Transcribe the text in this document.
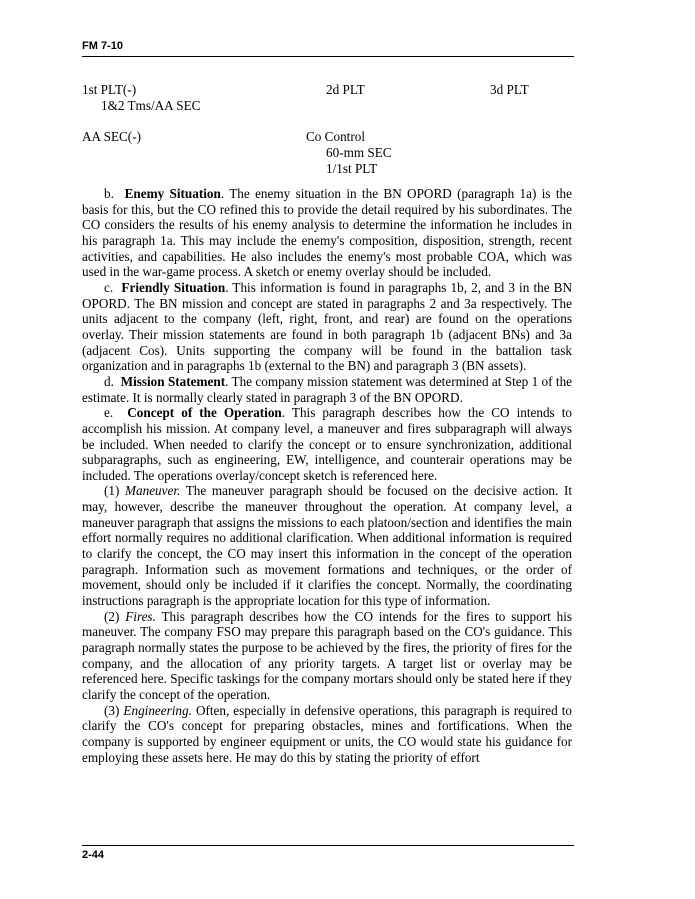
FM 7-10
1st PLT(-)
1&2 Tms/AA SEC
2d PLT	3d PLT
AA SEC(-)	Co Control
60-mm SEC
1/1st PLT

b. Enemy Situation. The enemy situation in the BN OPORD (paragraph 1a) is the basis for this, but the CO refined this to provide the detail required by his subordinates. The CO considers the results of his enemy analysis to determine the information he includes in his paragraph 1a. This may include the enemy's composition, disposition, strength, recent activities, and capabilities. He also includes the enemy's most probable COA, which was used in the war-game process. A sketch or enemy overlay should be included.

c. Friendly Situation. This information is found in paragraphs 1b, 2, and 3 in the BN OPORD. The BN mission and concept are stated in paragraphs 2 and 3a respectively. The units adjacent to the company (left, right, front, and rear) are found on the operations overlay. Their mission statements are found in both paragraph 1b (adjacent BNs) and 3a (adjacent Cos). Units supporting the company will be found in the battalion task organization and in paragraphs 1b (external to the BN) and paragraph 3 (BN assets).

d. Mission Statement. The company mission statement was determined at Step 1 of the estimate. It is normally clearly stated in paragraph 3 of the BN OPORD.

e. Concept of the Operation. This paragraph describes how the CO intends to accomplish his mission. At company level, a maneuver and fires subparagraph will always be included. When needed to clarify the concept or to ensure synchronization, additional subparagraphs, such as engineering, EW, intelligence, and counterair operations may be included. The operations overlay/concept sketch is referenced here.

(1) Maneuver. The maneuver paragraph should be focused on the decisive action. It may, however, describe the maneuver throughout the operation. At company level, a maneuver paragraph that assigns the missions to each platoon/section and identifies the main effort normally requires no additional clarification. When additional information is required to clarify the concept, the CO may insert this information in the concept of the operation paragraph. Information such as movement formations and techniques, or the order of movement, should only be included if it clarifies the concept. Normally, the coordinating instructions paragraph is the appropriate location for this type of information.

(2) Fires. This paragraph describes how the CO intends for the fires to support his maneuver. The company FSO may prepare this paragraph based on the CO's guidance. This paragraph normally states the purpose to be achieved by the fires, the priority of fires for the company, and the allocation of any priority targets. A target list or overlay may be referenced here. Specific taskings for the company mortars should only be stated here if they clarify the concept of the operation.

(3) Engineering. Often, especially in defensive operations, this paragraph is required to clarify the CO's concept for preparing obstacles, mines and fortifications. When the company is supported by engineer equipment or units, the CO would state his guidance for employing these assets here. He may do this by stating the priority of effort

2-44
